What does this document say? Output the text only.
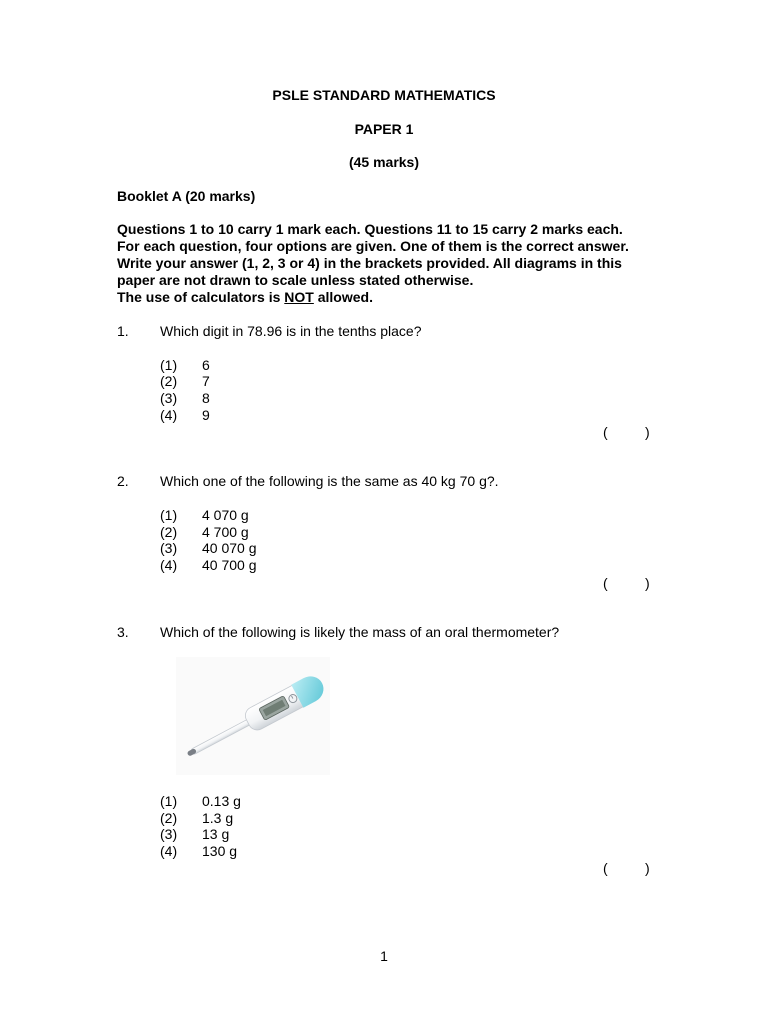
PSLE STANDARD MATHEMATICS
PAPER 1
(45 marks)
Booklet A (20 marks)
Questions 1 to 10 carry 1 mark each. Questions 11 to 15 carry 2 marks each.
For each question, four options are given. One of them is the correct answer.
Write your answer (1, 2, 3 or 4) in the brackets provided. All diagrams in this
paper are not drawn to scale unless stated otherwise.
The use of calculators is NOT allowed.
1. Which digit in 78.96 is in the tenths place?
(1) 6
(2) 7
(3) 8
(4) 9
(	)
2. Which one of the following is the same as 40 kg 70 g?.
(1) 4 070 g
(2) 4 700 g
(3) 40 070 g
(4) 40 700 g
(	)
3. Which of the following is likely the mass of an oral thermometer?
(1) 0.13 g
(2) 1.3 g
(3) 13 g
(4) 130 g
(	)
1
